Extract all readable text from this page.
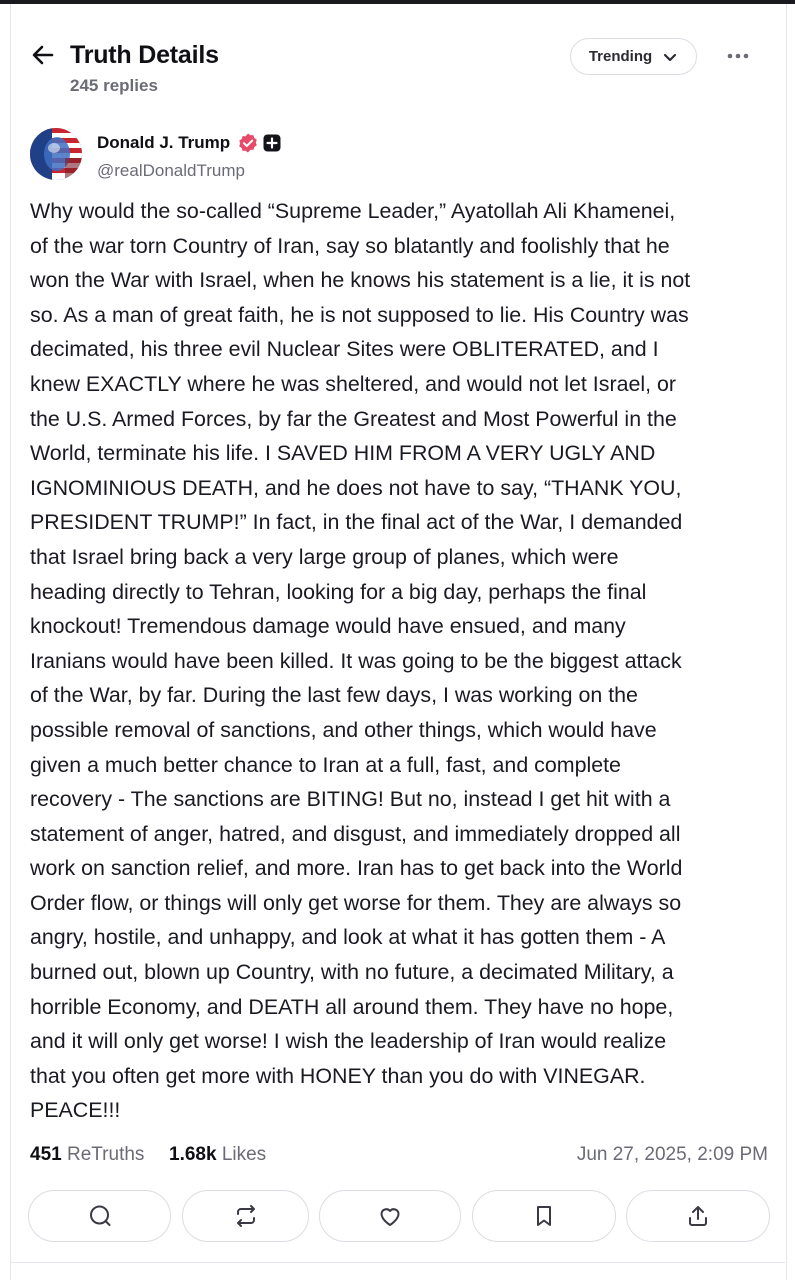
Truth Details
245 replies
Trending
Donald J. Trump
@realDonaldTrump
Why would the so-called “Supreme Leader,” Ayatollah Ali Khamenei,
of the war torn Country of Iran, say so blatantly and foolishly that he
won the War with Israel, when he knows his statement is a lie, it is not
so. As a man of great faith, he is not supposed to lie. His Country was
decimated, his three evil Nuclear Sites were OBLITERATED, and I
knew EXACTLY where he was sheltered, and would not let Israel, or
the U.S. Armed Forces, by far the Greatest and Most Powerful in the
World, terminate his life. I SAVED HIM FROM A VERY UGLY AND
IGNOMINIOUS DEATH, and he does not have to say, “THANK YOU,
PRESIDENT TRUMP!” In fact, in the final act of the War, I demanded
that Israel bring back a very large group of planes, which were
heading directly to Tehran, looking for a big day, perhaps the final
knockout! Tremendous damage would have ensued, and many
Iranians would have been killed. It was going to be the biggest attack
of the War, by far. During the last few days, I was working on the
possible removal of sanctions, and other things, which would have
given a much better chance to Iran at a full, fast, and complete
recovery - The sanctions are BITING! But no, instead I get hit with a
statement of anger, hatred, and disgust, and immediately dropped all
work on sanction relief, and more. Iran has to get back into the World
Order flow, or things will only get worse for them. They are always so
angry, hostile, and unhappy, and look at what it has gotten them - A
burned out, blown up Country, with no future, a decimated Military, a
horrible Economy, and DEATH all around them. They have no hope,
and it will only get worse! I wish the leadership of Iran would realize
that you often get more with HONEY than you do with VINEGAR.
PEACE!!!
451 ReTruths 1.68k Likes	Jun 27, 2025, 2:09 PM
